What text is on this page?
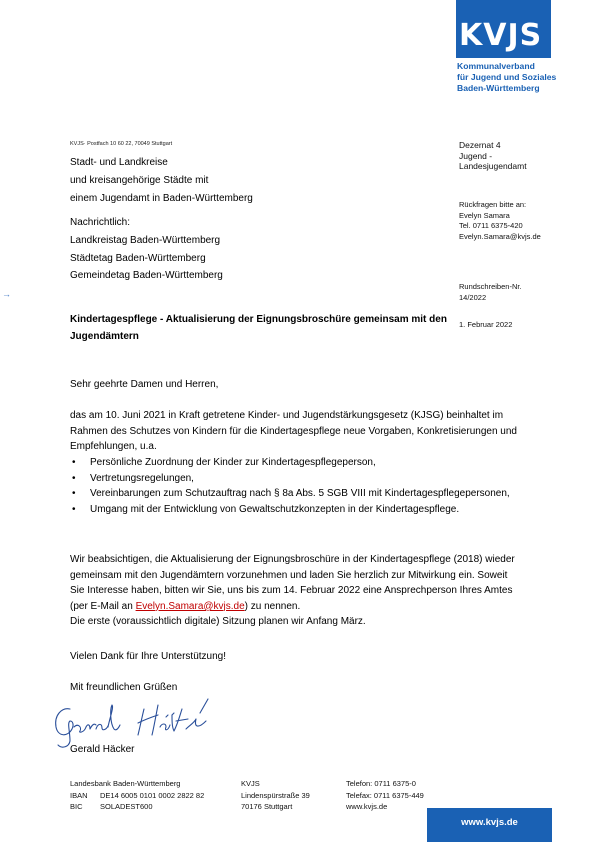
KVJS
Kommunalverband
für Jugend und Soziales
Baden-Württemberg
KVJS· Postfach 10 60 22, 70049 Stuttgart
Stadt- und Landkreise
und kreisangehörige Städte mit
einem Jugendamt in Baden-Württemberg
Nachrichtlich:
Landkreistag Baden-Württemberg
Städtetag Baden-Württemberg
Gemeindetag Baden-Württemberg
Dezernat 4
Jugend -
Landesjugendamt
Rückfragen bitte an:
Evelyn Samara
Tel. 0711 6375-420
Evelyn.Samara@kvjs.de
Rundschreiben-Nr.
14/2022
1. Februar 2022
→
Kindertagespflege - Aktualisierung der Eignungsbroschüre gemeinsam mit den Jugendämtern
Sehr geehrte Damen und Herren,
das am 10. Juni 2021 in Kraft getretene Kinder- und Jugendstärkungsgesetz (KJSG) beinhaltet im Rahmen des Schutzes von Kindern für die Kindertagespflege neue Vorgaben, Konkretisierungen und Empfehlungen, u.a.
• Persönliche Zuordnung der Kinder zur Kindertagespflegeperson,
• Vertretungsregelungen,
• Vereinbarungen zum Schutzauftrag nach § 8a Abs. 5 SGB VIII mit Kindertagespflegepersonen,
• Umgang mit der Entwicklung von Gewaltschutzkonzepten in der Kindertagespflege.
Wir beabsichtigen, die Aktualisierung der Eignungsbroschüre in der Kindertagespflege (2018) wieder gemeinsam mit den Jugendämtern vorzunehmen und laden Sie herzlich zur Mitwirkung ein. Soweit Sie Interesse haben, bitten wir Sie, uns bis zum 14. Februar 2022 eine Ansprechperson Ihres Amtes (per E-Mail an Evelyn.Samara@kvjs.de) zu nennen.
Die erste (voraussichtlich digitale) Sitzung planen wir Anfang März.
Vielen Dank für Ihre Unterstützung!
Mit freundlichen Grüßen
Gerald Häcker
Landesbank Baden-Württemberg
IBAN DE14 6005 0101 0002 2822 82
BIC SOLADEST600
KVJS
Lindenspürstraße 39
70176 Stuttgart
Telefon: 0711 6375-0
Telefax: 0711 6375-449
www.kvjs.de
www.kvjs.de
